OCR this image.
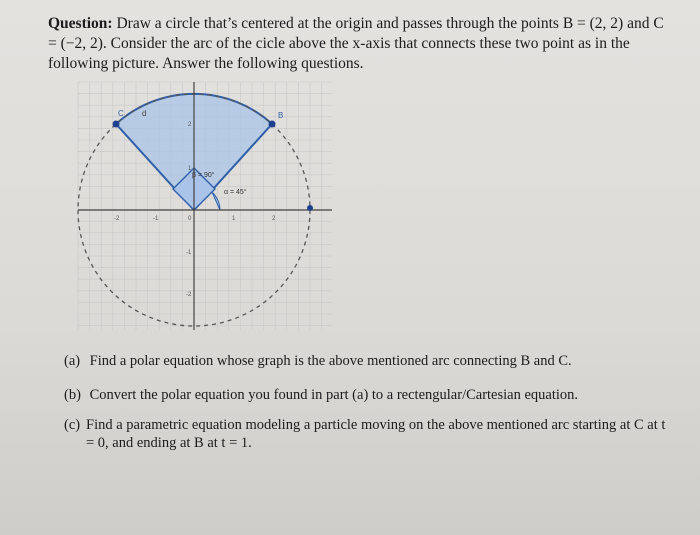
Question: Draw a circle that’s centered at the origin and passes through the points B = (2, 2) and C = (−2, 2). Consider the arc of the cicle above the x-axis that connects these two point as in the following picture. Answer the following questions.
C	B
d
β = 90°
α = 45°
-2	-1	0	1	2
2
1
-1
-2
(a) Find a polar equation whose graph is the above mentioned arc connecting B and C.
(b) Convert the polar equation you found in part (a) to a rectengular/Cartesian equation.
(c) Find a parametric equation modeling a particle moving on the above mentioned arc starting at C at t = 0, and ending at B at t = 1.
